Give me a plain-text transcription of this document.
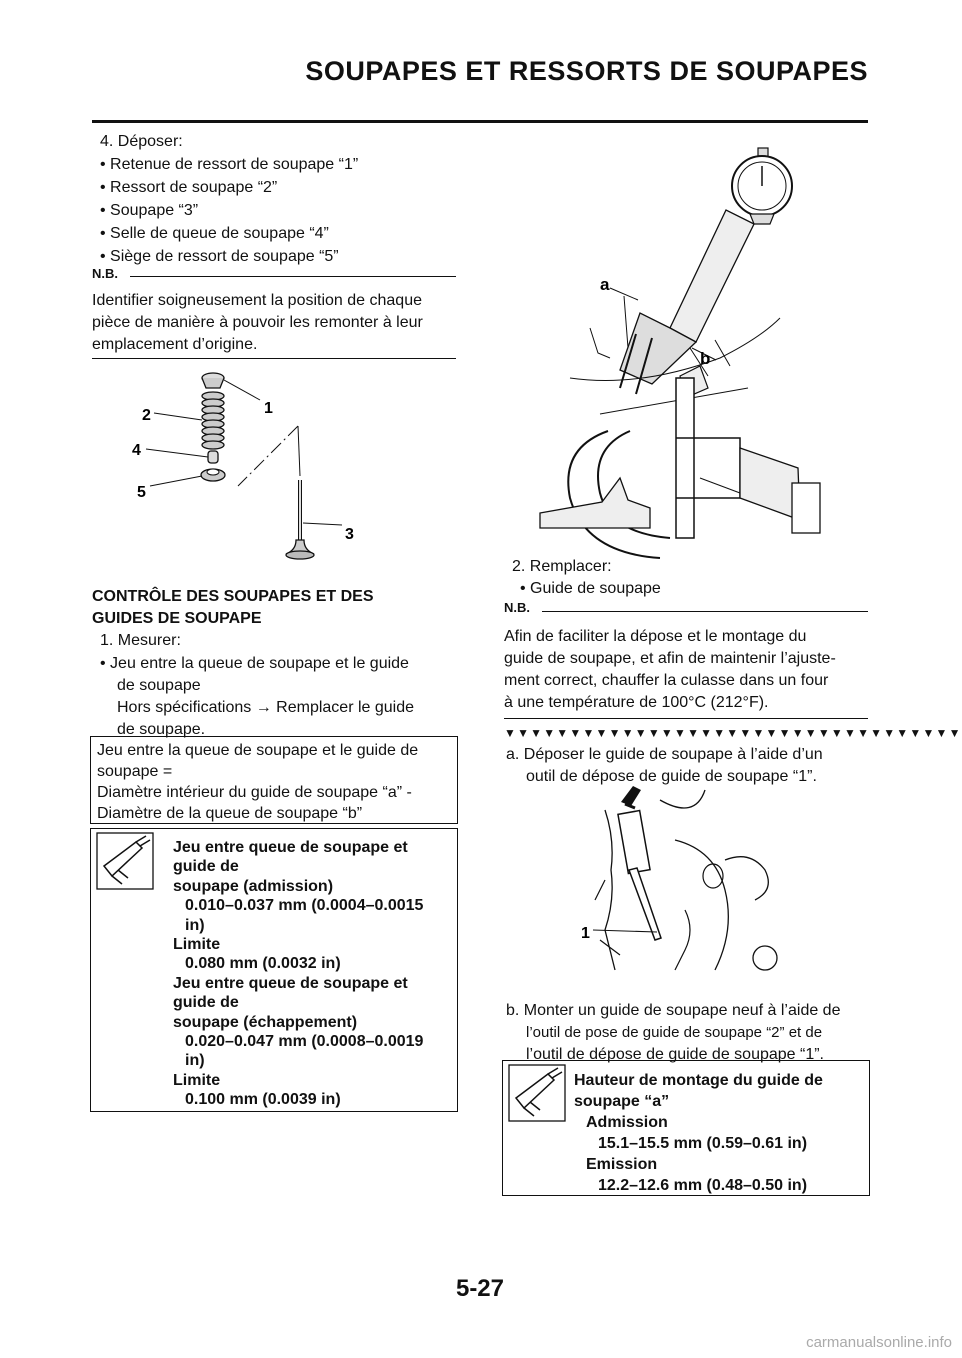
SOUPAPES ET RESSORTS DE SOUPAPES
4. Déposer:
• Retenue de ressort de soupape “1”
• Ressort de soupape “2”
• Soupape “3”
• Selle de queue de soupape “4”
• Siège de ressort de soupape “5”
N.B.
Identifier soigneusement la position de chaque
pièce de manière à pouvoir les remonter à leur
emplacement d’origine.
1
2
4
5
3
CONTRÔLE DES SOUPAPES ET DES
GUIDES DE SOUPAPE
1. Mesurer:
• Jeu entre la queue de soupape et le guide
de soupape
Hors spécifications → Remplacer le guide
de soupape.
Jeu entre la queue de soupape et le guide de
soupape =
Diamètre intérieur du guide de soupape “a” -
Diamètre de la queue de soupape “b”
Jeu entre queue de soupape et
guide de
soupape (admission)
0.010–0.037 mm (0.0004–0.0015
in)
Limite
0.080 mm (0.0032 in)
Jeu entre queue de soupape et
guide de
soupape (échappement)
0.020–0.047 mm (0.0008–0.0019
in)
a
b
2. Remplacer:
• Guide de soupape
N.B.
Afin de faciliter la dépose et le montage du
guide de soupape, et afin de maintenir l’ajuste-
ment correct, chauffer la culasse dans un four
à une température de 100°C (212°F).
▼▼▼▼▼▼▼▼▼▼▼▼▼▼▼▼▼▼▼▼▼▼▼▼▼▼▼▼▼▼▼▼▼▼▼
a. Déposer le guide de soupape à l’aide d’un
outil de dépose de guide de soupape “1”.
1
b. Monter un guide de soupape neuf à l’aide de
l’outil de pose de guide de soupape “2” et de
l’outil de dépose de guide de soupape “1”.
Hauteur de montage du guide de
soupape “a”
Admission
15.1–15.5 mm (0.59–0.61 in)
Emission
12.2–12.6 mm (0.48–0.50 in)
5-27
carmanualsonline.info
Limite
0.100 mm (0.0039 in)
